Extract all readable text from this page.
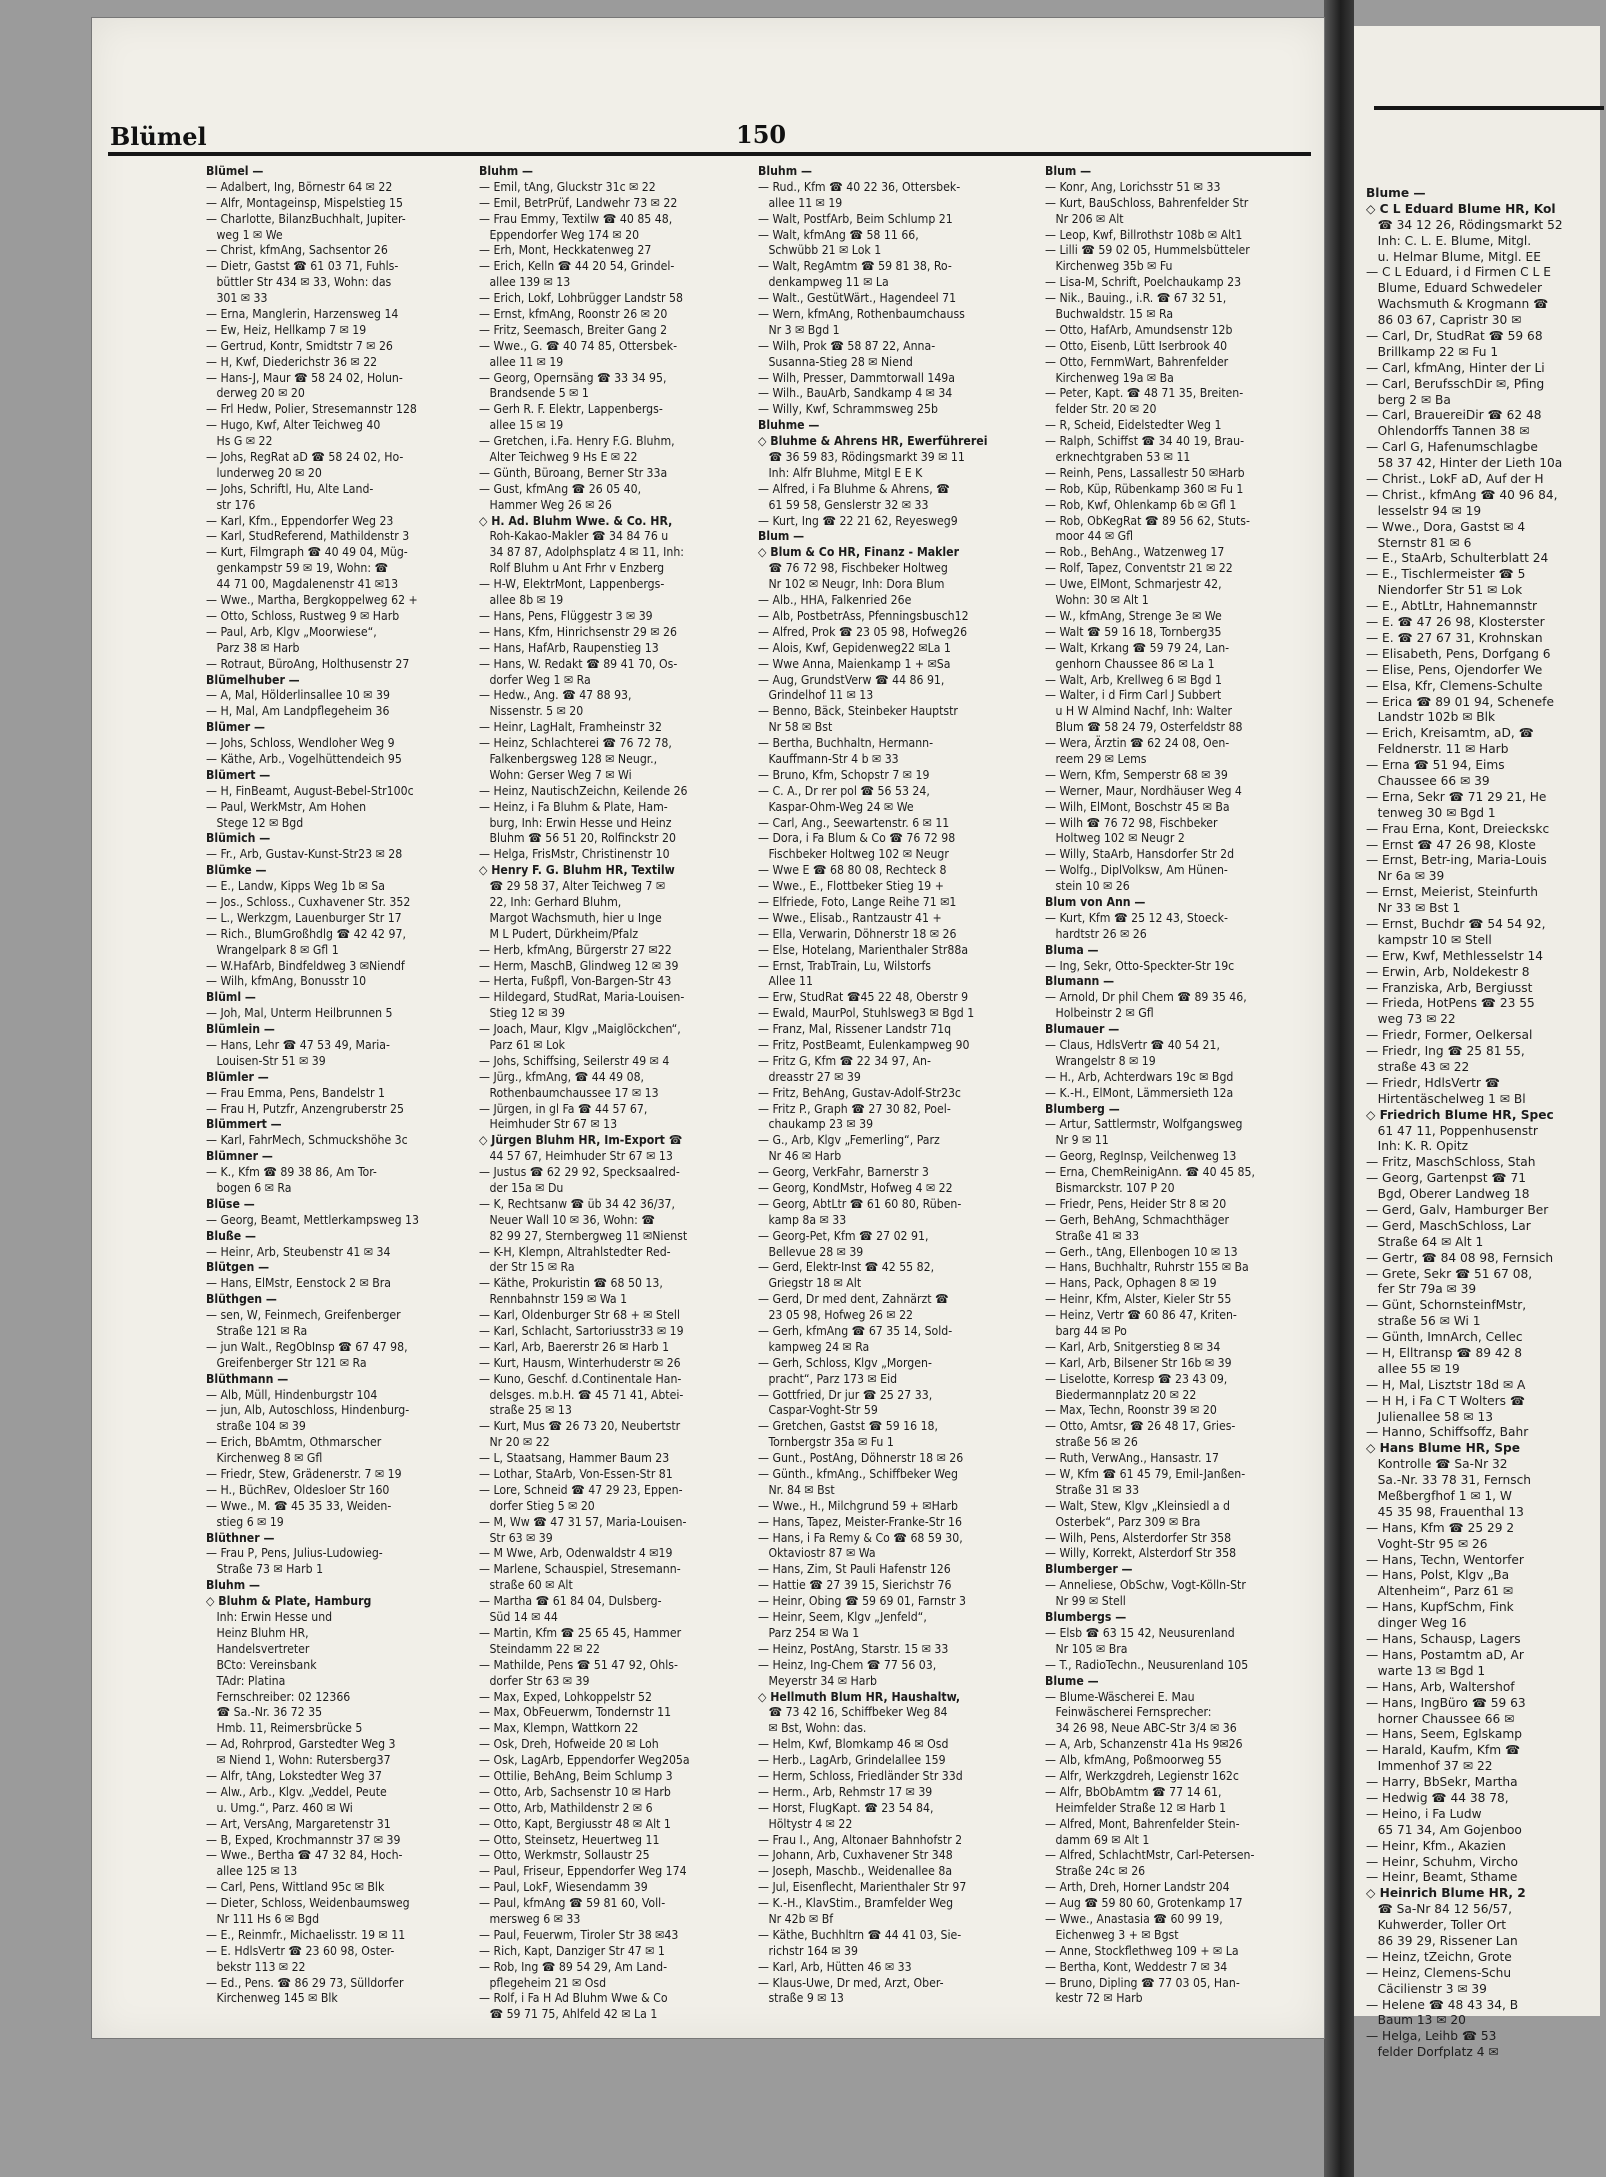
Blume —
◇ C L Eduard Blume HR, Kol
☎ 34 12 26, Rödingsmarkt 52
Inh: C. L. E. Blume, Mitgl.
u. Helmar Blume, Mitgl. EE
— C L Eduard, i d Firmen C L E
Blume, Eduard Schwedeler
Wachsmuth & Krogmann ☎
86 03 67, Capristr 30 ✉
— Carl, Dr, StudRat ☎ 59 68
Brillkamp 22 ✉ Fu 1
— Carl, kfmAng, Hinter der Li
— Carl, BerufsschDir ✉, Pfing
berg 2 ✉ Ba
— Carl, BrauereiDir ☎ 62 48
Ohlendorffs Tannen 38 ✉
— Carl G, Hafenumschlagbe
58 37 42, Hinter der Lieth 10a
— Christ., LokF aD, Auf der H
— Christ., kfmAng ☎ 40 96 84,
lesselstr 94 ✉ 19
— Wwe., Dora, Gastst ✉ 4
Sternstr 81 ✉ 6
— E., StaArb, Schulterblatt 24
— E., Tischlermeister ☎ 5
Niendorfer Str 51 ✉ Lok
— E., AbtLtr, Hahnemannstr
— E. ☎ 47 26 98, Klosterster
— E. ☎ 27 67 31, Krohnskan
— Elisabeth, Pens, Dorfgang 6
— Elise, Pens, Ojendorfer We
— Elsa, Kfr, Clemens-Schulte
— Erica ☎ 89 01 94, Schenefe
Landstr 102b ✉ Blk
— Erich, Kreisamtm, aD, ☎
Feldnerstr. 11 ✉ Harb
— Erna ☎ 51 94, Eims
Chaussee 66 ✉ 39
— Erna, Sekr ☎ 71 29 21, He
tenweg 30 ✉ Bgd 1
— Frau Erna, Kont, Dreieckskc
— Ernst ☎ 47 26 98, Kloste
— Ernst, Betr-ing, Maria-Louis
Nr 6a ✉ 39
— Ernst, Meierist, Steinfurth
Nr 33 ✉ Bst 1
— Ernst, Buchdr ☎ 54 54 92,
kampstr 10 ✉ Stell
— Erw, Kwf, Methlesselstr 14
— Erwin, Arb, Noldekestr 8
— Franziska, Arb, Bergiusst
— Frieda, HotPens ☎ 23 55
weg 73 ✉ 22
— Friedr, Former, Oelkersal
— Friedr, Ing ☎ 25 81 55,
straße 43 ✉ 22
— Friedr, HdlsVertr ☎
Hirtentäschelweg 1 ✉ Bl
◇ Friedrich Blume HR, Spec
61 47 11, Poppenhusenstr
Inh: K. R. Opitz
— Fritz, MaschSchloss, Stah
— Georg, Gartenpst ☎ 71
Bgd, Oberer Landweg 18
— Gerd, Galv, Hamburger Ber
— Gerd, MaschSchloss, Lar
Straße 64 ✉ Alt 1
— Gertr, ☎ 84 08 98, Fernsich
— Grete, Sekr ☎ 51 67 08,
fer Str 79a ✉ 39
— Günt, SchornsteinfMstr,
straße 56 ✉ Wi 1
— Günth, ImnArch, Cellec
— H, Elltransp ☎ 89 42 8
allee 55 ✉ 19
— H, Mal, Lisztstr 18d ✉ A
— H H, i Fa C T Wolters ☎
Julienallee 58 ✉ 13
— Hanno, Schiffsoffz, Bahr
◇ Hans Blume HR, Spe
Kontrolle ☎ Sa-Nr 32
Sa.-Nr. 33 78 31, Fernsch
Meßbergfhof 1 ✉ 1, W
45 35 98, Frauenthal 13
— Hans, Kfm ☎ 25 29 2
Voght-Str 95 ✉ 26
— Hans, Techn, Wentorfer
— Hans, Polst, Klgv „Ba
Altenheim“, Parz 61 ✉
— Hans, KupfSchm, Fink
dinger Weg 16
— Hans, Schausp, Lagers
— Hans, Postamtm aD, Ar
warte 13 ✉ Bgd 1
— Hans, Arb, Waltershof
— Hans, IngBüro ☎ 59 63
horner Chaussee 66 ✉
— Hans, Seem, Eglskamp
— Harald, Kaufm, Kfm ☎
Immenhof 37 ✉ 22
— Harry, BbSekr, Martha
— Hedwig ☎ 44 38 78,
— Heino, i Fa Ludw
65 71 34, Am Gojenboo
— Heinr, Kfm., Akazien
— Heinr, Schuhm, Vircho
— Heinr, Beamt, Sthame
◇ Heinrich Blume HR, 2
☎ Sa-Nr 84 12 56/57,
Kuhwerder, Toller Ort
86 39 29, Rissener Lan
— Heinz, tZeichn, Grote
— Heinz, Clemens-Schu
Cäcilienstr 3 ✉ 39
— Helene ☎ 48 43 34, B
Baum 13 ✉ 20
— Helga, Leihb ☎ 53
felder Dorfplatz 4 ✉
Blümel	150
Blümel —
— Adalbert, Ing, Börnestr 64 ✉ 22
— Alfr, Montageinsp, Mispelstieg 15
— Charlotte, BilanzBuchhalt, Jupiter-
weg 1 ✉ We
— Christ, kfmAng, Sachsentor 26
— Dietr, Gastst ☎ 61 03 71, Fuhls-
büttler Str 434 ✉ 33, Wohn: das
301 ✉ 33
— Erna, Manglerin, Harzensweg 14
— Ew, Heiz, Hellkamp 7 ✉ 19
— Gertrud, Kontr, Smidtstr 7 ✉ 26
— H, Kwf, Diederichstr 36 ✉ 22
— Hans-J, Maur ☎ 58 24 02, Holun-
derweg 20 ✉ 20
— Frl Hedw, Polier, Stresemannstr 128
— Hugo, Kwf, Alter Teichweg 40
Hs G ✉ 22
— Johs, RegRat aD ☎ 58 24 02, Ho-
lunderweg 20 ✉ 20
— Johs, Schriftl, Hu, Alte Land-
str 176
— Karl, Kfm., Eppendorfer Weg 23
— Karl, StudReferend, Mathildenstr 3
— Kurt, Filmgraph ☎ 40 49 04, Müg-
genkampstr 59 ✉ 19, Wohn: ☎
44 71 00, Magdalenenstr 41 ✉13
— Wwe., Martha, Bergkoppelweg 62 +
— Otto, Schloss, Rustweg 9 ✉ Harb
— Paul, Arb, Klgv „Moorwiese“,
Parz 38 ✉ Harb
— Rotraut, BüroAng, Holthusenstr 27
Blümelhuber —
— A, Mal, Hölderlinsallee 10 ✉ 39
— H, Mal, Am Landpflegeheim 36
Blümer —
— Johs, Schloss, Wendloher Weg 9
— Käthe, Arb., Vogelhüttendeich 95
Blümert —
— H, FinBeamt, August-Bebel-Str100c
— Paul, WerkMstr, Am Hohen
Stege 12 ✉ Bgd
Blümich —
— Fr., Arb, Gustav-Kunst-Str23 ✉ 28
Blümke —
— E., Landw, Kipps Weg 1b ✉ Sa
— Jos., Schloss., Cuxhavener Str. 352
— L., Werkzgm, Lauenburger Str 17
— Rich., BlumGroßhdlg ☎ 42 42 97,
Wrangelpark 8 ✉ Gfl 1
— W.HafArb, Bindfeldweg 3 ✉Niendf
— Wilh, kfmAng, Bonusstr 10
Blüml —
— Joh, Mal, Unterm Heilbrunnen 5
Blümlein —
— Hans, Lehr ☎ 47 53 49, Maria-
Louisen-Str 51 ✉ 39
Blümler —
— Frau Emma, Pens, Bandelstr 1
— Frau H, Putzfr, Anzengruberstr 25
Blümmert —
— Karl, FahrMech, Schmuckshöhe 3c
Blümner —
— K., Kfm ☎ 89 38 86, Am Tor-
bogen 6 ✉ Ra
Blüse —
— Georg, Beamt, Mettlerkampsweg 13
Bluße —
— Heinr, Arb, Steubenstr 41 ✉ 34
Blütgen —
— Hans, ElMstr, Eenstock 2 ✉ Bra
Blüthgen —
— sen, W, Feinmech, Greifenberger
Straße 121 ✉ Ra
— jun Walt., RegObInsp ☎ 67 47 98,
Greifenberger Str 121 ✉ Ra
Blüthmann —
— Alb, Müll, Hindenburgstr 104
— jun, Alb, Autoschloss, Hindenburg-
straße 104 ✉ 39
— Erich, BbAmtm, Othmarscher
Kirchenweg 8 ✉ Gfl
— Friedr, Stew, Grädenerstr. 7 ✉ 19
— H., BüchRev, Oldesloer Str 160
— Wwe., M. ☎ 45 35 33, Weiden-
stieg 6 ✉ 19
Blüthner —
— Frau P, Pens, Julius-Ludowieg-
Straße 73 ✉ Harb 1
Bluhm —
◇ Bluhm & Plate, Hamburg
Inh: Erwin Hesse und
Heinz Bluhm HR,
Handelsvertreter
BCto: Vereinsbank
TAdr: Platina
Fernschreiber: 02 12366
☎ Sa.-Nr. 36 72 35
Hmb. 11, Reimersbrücke 5
— Ad, Rohrprod, Garstedter Weg 3
✉ Niend 1, Wohn: Rutersberg37
— Alfr, tAng, Lokstedter Weg 37
— Alw., Arb., Klgv. „Veddel, Peute
u. Umg.“, Parz. 460 ✉ Wi
— Art, VersAng, Margaretenstr 31
— B, Exped, Krochmannstr 37 ✉ 39
— Wwe., Bertha ☎ 47 32 84, Hoch-
allee 125 ✉ 13
— Carl, Pens, Wittland 95c ✉ Blk
— Dieter, Schloss, Weidenbaumsweg
Nr 111 Hs 6 ✉ Bgd
— E., Reinmfr., Michaelisstr. 19 ✉ 11
— E. HdlsVertr ☎ 23 60 98, Oster-
bekstr 113 ✉ 22
— Ed., Pens. ☎ 86 29 73, Sülldorfer
Kirchenweg 145 ✉ Blk
Bluhm —
— Emil, tAng, Gluckstr 31c ✉ 22
— Emil, BetrPrüf, Landwehr 73 ✉ 22
— Frau Emmy, Textilw ☎ 40 85 48,
Eppendorfer Weg 174 ✉ 20
— Erh, Mont, Heckkatenweg 27
— Erich, Kelln ☎ 44 20 54, Grindel-
allee 139 ✉ 13
— Erich, Lokf, Lohbrügger Landstr 58
— Ernst, kfmAng, Roonstr 26 ✉ 20
— Fritz, Seemasch, Breiter Gang 2
— Wwe., G. ☎ 40 74 85, Ottersbek-
allee 11 ✉ 19
— Georg, Opernsäng ☎ 33 34 95,
Brandsende 5 ✉ 1
— Gerh R. F. Elektr, Lappenbergs-
allee 15 ✉ 19
— Gretchen, i.Fa. Henry F.G. Bluhm,
Alter Teichweg 9 Hs E ✉ 22
— Günth, Büroang, Berner Str 33a
— Gust, kfmAng ☎ 26 05 40,
Hammer Weg 26 ✉ 26
◇ H. Ad. Bluhm Wwe. & Co. HR,
Roh-Kakao-Makler ☎ 34 84 76 u
34 87 87, Adolphsplatz 4 ✉ 11, Inh:
Rolf Bluhm u Ant Frhr v Enzberg
— H-W, ElektrMont, Lappenbergs-
allee 8b ✉ 19
— Hans, Pens, Flüggestr 3 ✉ 39
— Hans, Kfm, Hinrichsenstr 29 ✉ 26
— Hans, HafArb, Raupenstieg 13
— Hans, W. Redakt ☎ 89 41 70, Os-
dorfer Weg 1 ✉ Ra
— Hedw., Ang. ☎ 47 88 93,
Nissenstr. 5 ✉ 20
— Heinr, LagHalt, Framheinstr 32
— Heinz, Schlachterei ☎ 76 72 78,
Falkenbergsweg 128 ✉ Neugr.,
Wohn: Gerser Weg 7 ✉ Wi
— Heinz, NautischZeichn, Keilende 26
— Heinz, i Fa Bluhm & Plate, Ham-
burg, Inh: Erwin Hesse und Heinz
Bluhm ☎ 56 51 20, Rolfinckstr 20
— Helga, FrisMstr, Christinenstr 10
◇ Henry F. G. Bluhm HR, Textilw
☎ 29 58 37, Alter Teichweg 7 ✉
22, Inh: Gerhard Bluhm,
Margot Wachsmuth, hier u Inge
M L Pudert, Dürkheim/Pfalz
— Herb, kfmAng, Bürgerstr 27 ✉22
— Herm, MaschB, Glindweg 12 ✉ 39
— Herta, Fußpfl, Von-Bargen-Str 43
— Hildegard, StudRat, Maria-Louisen-
Stieg 12 ✉ 39
— Joach, Maur, Klgv „Maiglöckchen“,
Parz 61 ✉ Lok
— Johs, Schiffsing, Seilerstr 49 ✉ 4
— Jürg., kfmAng, ☎ 44 49 08,
Rothenbaumchaussee 17 ✉ 13
— Jürgen, in gl Fa ☎ 44 57 67,
Heimhuder Str 67 ✉ 13
◇ Jürgen Bluhm HR, Im-Export ☎
44 57 67, Heimhuder Str 67 ✉ 13
— Justus ☎ 62 29 92, Specksaalred-
der 15a ✉ Du
— K, Rechtsanw ☎ üb 34 42 36/37,
Neuer Wall 10 ✉ 36, Wohn: ☎
82 99 27, Sternbergweg 11 ✉Nienst
— K-H, Klempn, Altrahlstedter Red-
der Str 15 ✉ Ra
— Käthe, Prokuristin ☎ 68 50 13,
Rennbahnstr 159 ✉ Wa 1
— Karl, Oldenburger Str 68 + ✉ Stell
— Karl, Schlacht, Sartoriusstr33 ✉ 19
— Karl, Arb, Baererstr 26 ✉ Harb 1
— Kurt, Hausm, Winterhuderstr ✉ 26
— Kuno, Geschf. d.Continentale Han-
delsges. m.b.H. ☎ 45 71 41, Abtei-
straße 25 ✉ 13
— Kurt, Mus ☎ 26 73 20, Neubertstr
Nr 20 ✉ 22
— L, Staatsang, Hammer Baum 23
— Lothar, StaArb, Von-Essen-Str 81
— Lore, Schneid ☎ 47 29 23, Eppen-
dorfer Stieg 5 ✉ 20
— M, Ww ☎ 47 31 57, Maria-Louisen-
Str 63 ✉ 39
— M Wwe, Arb, Odenwaldstr 4 ✉19
— Marlene, Schauspiel, Stresemann-
straße 60 ✉ Alt
— Martha ☎ 61 84 04, Dulsberg-
Süd 14 ✉ 44
— Martin, Kfm ☎ 25 65 45, Hammer
Steindamm 22 ✉ 22
— Mathilde, Pens ☎ 51 47 92, Ohls-
dorfer Str 63 ✉ 39
— Max, Exped, Lohkoppelstr 52
— Max, ObFeuerwm, Tondernstr 11
— Max, Klempn, Wattkorn 22
— Osk, Dreh, Hofweide 20 ✉ Loh
— Osk, LagArb, Eppendorfer Weg205a
— Ottilie, BehAng, Beim Schlump 3
— Otto, Arb, Sachsenstr 10 ✉ Harb
— Otto, Arb, Mathildenstr 2 ✉ 6
— Otto, Kapt, Bergiusstr 48 ✉ Alt 1
— Otto, Steinsetz, Heuertweg 11
— Otto, Werkmstr, Sollaustr 25
— Paul, Friseur, Eppendorfer Weg 174
— Paul, LokF, Wiesendamm 39
— Paul, kfmAng ☎ 59 81 60, Voll-
mersweg 6 ✉ 33
— Paul, Feuerwm, Tiroler Str 38 ✉43
— Rich, Kapt, Danziger Str 47 ✉ 1
— Rob, Ing ☎ 89 54 29, Am Land-
pflegeheim 21 ✉ Osd
— Rolf, i Fa H Ad Bluhm Wwe & Co
☎ 59 71 75, Ahlfeld 42 ✉ La 1
Bluhm —
— Rud., Kfm ☎ 40 22 36, Ottersbek-
allee 11 ✉ 19
— Walt, PostfArb, Beim Schlump 21
— Walt, kfmAng ☎ 58 11 66,
Schwübb 21 ✉ Lok 1
— Walt, RegAmtm ☎ 59 81 38, Ro-
denkampweg 11 ✉ La
— Walt., GestütWärt., Hagendeel 71
— Wern, kfmAng, Rothenbaumchauss
Nr 3 ✉ Bgd 1
— Wilh, Prok ☎ 58 87 22, Anna-
Susanna-Stieg 28 ✉ Niend
— Wilh, Presser, Dammtorwall 149a
— Wilh., BauArb, Sandkamp 4 ✉ 34
— Willy, Kwf, Schrammsweg 25b
Bluhme —
◇ Bluhme & Ahrens HR, Ewerführerei
☎ 36 59 83, Rödingsmarkt 39 ✉ 11
Inh: Alfr Bluhme, Mitgl E E K
— Alfred, i Fa Bluhme & Ahrens, ☎
61 59 58, Genslerstr 32 ✉ 33
— Kurt, Ing ☎ 22 21 62, Reyesweg9
Blum —
◇ Blum & Co HR, Finanz - Makler
☎ 76 72 98, Fischbeker Holtweg
Nr 102 ✉ Neugr, Inh: Dora Blum
— Alb., HHA, Falkenried 26e
— Alb, PostbetrAss, Pfenningsbusch12
— Alfred, Prok ☎ 23 05 98, Hofweg26
— Alois, Kwf, Gepidenweg22 ✉La 1
— Wwe Anna, Maienkamp 1 + ✉Sa
— Aug, GrundstVerw ☎ 44 86 91,
Grindelhof 11 ✉ 13
— Benno, Bäck, Steinbeker Hauptstr
Nr 58 ✉ Bst
— Bertha, Buchhaltn, Hermann-
Kauffmann-Str 4 b ✉ 33
— Bruno, Kfm, Schopstr 7 ✉ 19
— C. A., Dr rer pol ☎ 56 53 24,
Kaspar-Ohm-Weg 24 ✉ We
— Carl, Ang., Seewartenstr. 6 ✉ 11
— Dora, i Fa Blum & Co ☎ 76 72 98
Fischbeker Holtweg 102 ✉ Neugr
— Wwe E ☎ 68 80 08, Rechteck 8
— Wwe., E., Flottbeker Stieg 19 +
— Elfriede, Foto, Lange Reihe 71 ✉1
— Wwe., Elisab., Rantzaustr 41 +
— Ella, Verwarin, Döhnerstr 18 ✉ 26
— Else, Hotelang, Marienthaler Str88a
— Ernst, TrabTrain, Lu, Wilstorfs
Allee 11
— Erw, StudRat ☎45 22 48, Oberstr 9
— Ewald, MaurPol, Stuhlsweg3 ✉ Bgd 1
— Franz, Mal, Rissener Landstr 71q
— Fritz, PostBeamt, Eulenkampweg 90
— Fritz G, Kfm ☎ 22 34 97, An-
dreasstr 27 ✉ 39
— Fritz, BehAng, Gustav-Adolf-Str23c
— Fritz P., Graph ☎ 27 30 82, Poel-
chaukamp 23 ✉ 39
— G., Arb, Klgv „Femerling“, Parz
Nr 46 ✉ Harb
— Georg, VerkFahr, Barnerstr 3
— Georg, KondMstr, Hofweg 4 ✉ 22
— Georg, AbtLtr ☎ 61 60 80, Rüben-
kamp 8a ✉ 33
— Georg-Pet, Kfm ☎ 27 02 91,
Bellevue 28 ✉ 39
— Gerd, Elektr-Inst ☎ 42 55 82,
Griegstr 18 ✉ Alt
— Gerd, Dr med dent, Zahnärzt ☎
23 05 98, Hofweg 26 ✉ 22
— Gerh, kfmAng ☎ 67 35 14, Sold-
kampweg 24 ✉ Ra
— Gerh, Schloss, Klgv „Morgen-
pracht“, Parz 173 ✉ Eid
— Gottfried, Dr jur ☎ 25 27 33,
Caspar-Voght-Str 59
— Gretchen, Gastst ☎ 59 16 18,
Tornbergstr 35a ✉ Fu 1
— Gunt., PostAng, Döhnerstr 18 ✉ 26
— Günth., kfmAng., Schiffbeker Weg
Nr. 84 ✉ Bst
— Wwe., H., Milchgrund 59 + ✉Harb
— Hans, Tapez, Meister-Franke-Str 16
— Hans, i Fa Remy & Co ☎ 68 59 30,
Oktaviostr 87 ✉ Wa
— Hans, Zim, St Pauli Hafenstr 126
— Hattie ☎ 27 39 15, Sierichstr 76
— Heinr, Obing ☎ 59 69 01, Farnstr 3
— Heinr, Seem, Klgv „Jenfeld“,
Parz 254 ✉ Wa 1
— Heinz, PostAng, Starstr. 15 ✉ 33
— Heinz, Ing-Chem ☎ 77 56 03,
Meyerstr 34 ✉ Harb
◇ Hellmuth Blum HR, Haushaltw,
☎ 73 42 16, Schiffbeker Weg 84
✉ Bst, Wohn: das.
— Helm, Kwf, Blomkamp 46 ✉ Osd
— Herb., LagArb, Grindelallee 159
— Herm, Schloss, Friedländer Str 33d
— Herm., Arb, Rehmstr 17 ✉ 39
— Horst, FlugKapt. ☎ 23 54 84,
Höltystr 4 ✉ 22
— Frau I., Ang, Altonaer Bahnhofstr 2
— Johann, Arb, Cuxhavener Str 348
— Joseph, Maschb., Weidenallee 8a
— Jul, Eisenflecht, Marienthaler Str 97
— K.-H., KlavStim., Bramfelder Weg
Nr 42b ✉ Bf
— Käthe, Buchhltrn ☎ 44 41 03, Sie-
richstr 164 ✉ 39
— Karl, Arb, Hütten 46 ✉ 33
— Klaus-Uwe, Dr med, Arzt, Ober-
straße 9 ✉ 13
Blum —
— Konr, Ang, Lorichsstr 51 ✉ 33
— Kurt, BauSchloss, Bahrenfelder Str
Nr 206 ✉ Alt
— Leop, Kwf, Billrothstr 108b ✉ Alt1
— Lilli ☎ 59 02 05, Hummelsbütteler
Kirchenweg 35b ✉ Fu
— Lisa-M, Schrift, Poelchaukamp 23
— Nik., Bauing., i.R. ☎ 67 32 51,
Buchwaldstr. 15 ✉ Ra
— Otto, HafArb, Amundsenstr 12b
— Otto, Eisenb, Lütt Iserbrook 40
— Otto, FernmWart, Bahrenfelder
Kirchenweg 19a ✉ Ba
— Peter, Kapt. ☎ 48 71 35, Breiten-
felder Str. 20 ✉ 20
— R, Scheid, Eidelstedter Weg 1
— Ralph, Schiffst ☎ 34 40 19, Brau-
erknechtgraben 53 ✉ 11
— Reinh, Pens, Lassallestr 50 ✉Harb
— Rob, Küp, Rübenkamp 360 ✉ Fu 1
— Rob, Kwf, Ohlenkamp 6b ✉ Gfl 1
— Rob, ObKegRat ☎ 89 56 62, Stuts-
moor 44 ✉ Gfl
— Rob., BehAng., Watzenweg 17
— Rolf, Tapez, Conventstr 21 ✉ 22
— Uwe, ElMont, Schmarjestr 42,
Wohn: 30 ✉ Alt 1
— W., kfmAng, Strenge 3e ✉ We
— Walt ☎ 59 16 18, Tornberg35
— Walt, Krkang ☎ 59 79 24, Lan-
genhorn Chaussee 86 ✉ La 1
— Walt, Arb, Krellweg 6 ✉ Bgd 1
— Walter, i d Firm Carl J Subbert
u H W Almind Nachf, Inh: Walter
Blum ☎ 58 24 79, Osterfeldstr 88
— Wera, Ärztin ☎ 62 24 08, Oen-
reem 29 ✉ Lems
— Wern, Kfm, Semperstr 68 ✉ 39
— Werner, Maur, Nordhäuser Weg 4
— Wilh, ElMont, Boschstr 45 ✉ Ba
— Wilh ☎ 76 72 98, Fischbeker
Holtweg 102 ✉ Neugr 2
— Willy, StaArb, Hansdorfer Str 2d
— Wolfg., DiplVolksw, Am Hünen-
stein 10 ✉ 26
Blum von Ann —
— Kurt, Kfm ☎ 25 12 43, Stoeck-
hardtstr 26 ✉ 26
Bluma —
— Ing, Sekr, Otto-Speckter-Str 19c
Blumann —
— Arnold, Dr phil Chem ☎ 89 35 46,
Holbeinstr 2 ✉ Gfl
Blumauer —
— Claus, HdlsVertr ☎ 40 54 21,
Wrangelstr 8 ✉ 19
— H., Arb, Achterdwars 19c ✉ Bgd
— K.-H., ElMont, Lämmersieth 12a
Blumberg —
— Artur, Sattlermstr, Wolfgangsweg
Nr 9 ✉ 11
— Georg, RegInsp, Veilchenweg 13
— Erna, ChemReinigAnn. ☎ 40 45 85,
Bismarckstr. 107 P 20
— Friedr, Pens, Heider Str 8 ✉ 20
— Gerh, BehAng, Schmachthäger
Straße 41 ✉ 33
— Gerh., tAng, Ellenbogen 10 ✉ 13
— Hans, Buchhaltr, Ruhrstr 155 ✉ Ba
— Hans, Pack, Ophagen 8 ✉ 19
— Heinr, Kfm, Alster, Kieler Str 55
— Heinz, Vertr ☎ 60 86 47, Kriten-
barg 44 ✉ Po
— Karl, Arb, Snitgerstieg 8 ✉ 34
— Karl, Arb, Bilsener Str 16b ✉ 39
— Liselotte, Korresp ☎ 23 43 09,
Biedermannplatz 20 ✉ 22
— Max, Techn, Roonstr 39 ✉ 20
— Otto, Amtsr, ☎ 26 48 17, Gries-
straße 56 ✉ 26
— Ruth, VerwAng., Hansastr. 17
— W, Kfm ☎ 61 45 79, Emil-Janßen-
Straße 31 ✉ 33
— Walt, Stew, Klgv „Kleinsiedl a d
Osterbek“, Parz 309 ✉ Bra
— Wilh, Pens, Alsterdorfer Str 358
— Willy, Korrekt, Alsterdorf Str 358
Blumberger —
— Anneliese, ObSchw, Vogt-Kölln-Str
Nr 99 ✉ Stell
Blumbergs —
— Elsb ☎ 63 15 42, Neusurenland
Nr 105 ✉ Bra
— T., RadioTechn., Neusurenland 105
Blume —
— Blume-Wäscherei E. Mau
Feinwäscherei Fernsprecher:
34 26 98, Neue ABC-Str 3/4 ✉ 36
— A, Arb, Schanzenstr 41a Hs 9✉26
— Alb, kfmAng, Poßmoorweg 55
— Alfr, Werkzgdreh, Legienstr 162c
— Alfr, BbObAmtm ☎ 77 14 61,
Heimfelder Straße 12 ✉ Harb 1
— Alfred, Mont, Bahrenfelder Stein-
damm 69 ✉ Alt 1
— Alfred, SchlachtMstr, Carl-Petersen-
Straße 24c ✉ 26
— Arth, Dreh, Horner Landstr 204
— Aug ☎ 59 80 60, Grotenkamp 17
— Wwe., Anastasia ☎ 60 99 19,
Eichenweg 3 + ✉ Bgst
— Anne, Stockflethweg 109 + ✉ La
— Bertha, Kont, Weddestr 7 ✉ 34
— Bruno, Dipling ☎ 77 03 05, Han-
kestr 72 ✉ Harb
